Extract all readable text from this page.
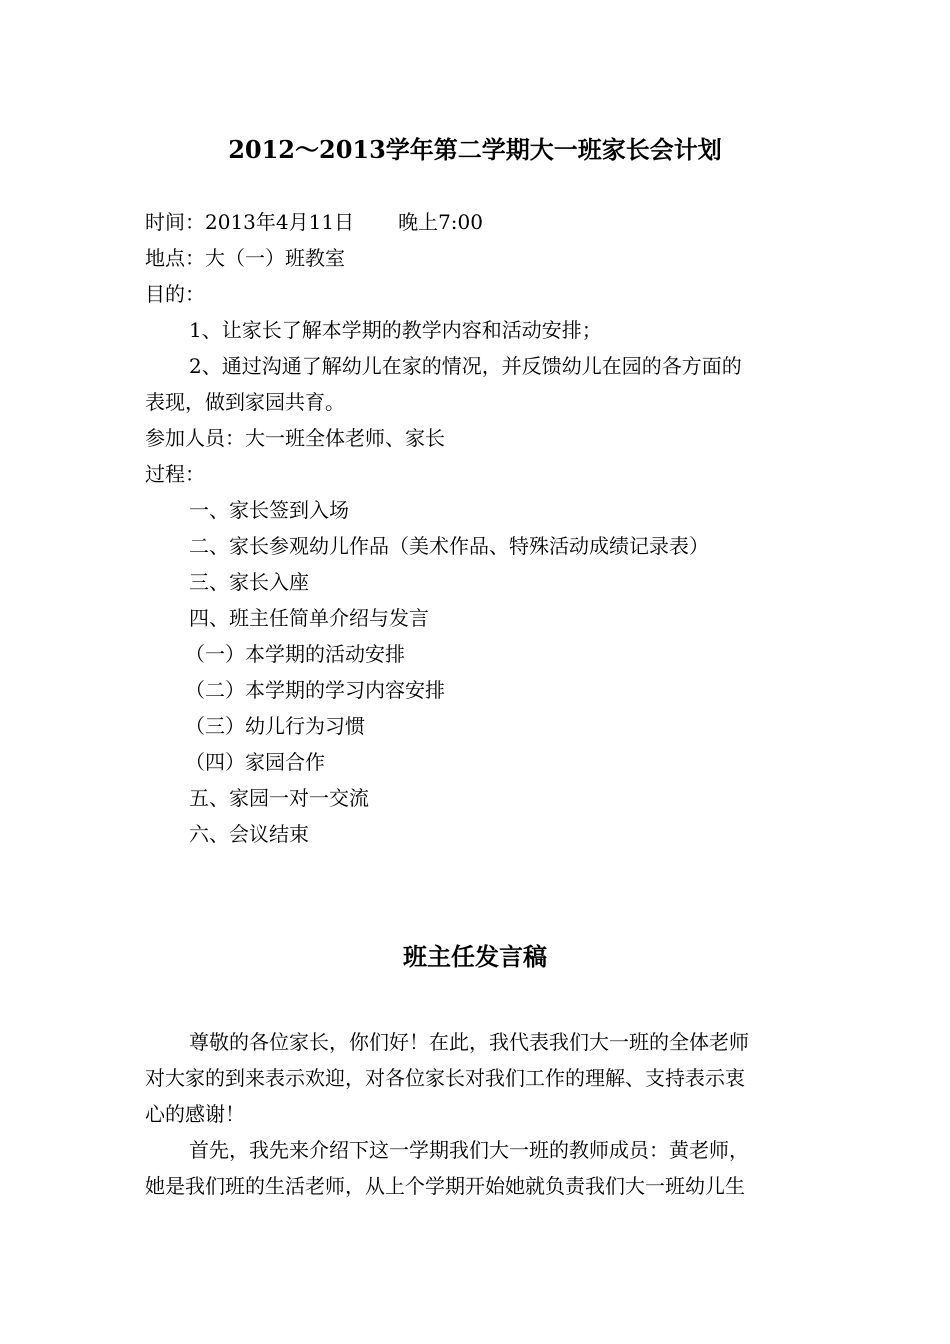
2012～2013学年第二学期大一班家长会计划

时间：2013年4月11日 晚上7:00

地点：大（一）班教室

目的：

1、让家长了解本学期的教学内容和活动安排；

2、通过沟通了解幼儿在家的情况，并反馈幼儿在园的各方面的

表现，做到家园共育。

参加人员：大一班全体老师、家长

过程：

一、家长签到入场

二、家长参观幼儿作品（美术作品、特殊活动成绩记录表）

三、家长入座

四、班主任简单介绍与发言

（一）本学期的活动安排

（二）本学期的学习内容安排

（三）幼儿行为习惯

（四）家园合作

五、家园一对一交流

六、会议结束

班主任发言稿

尊敬的各位家长，你们好！在此，我代表我们大一班的全体老师

对大家的到来表示欢迎，对各位家长对我们工作的理解、支持表示衷

心的感谢！

首先，我先来介绍下这一学期我们大一班的教师成员：黄老师，

她是我们班的生活老师，从上个学期开始她就负责我们大一班幼儿生
